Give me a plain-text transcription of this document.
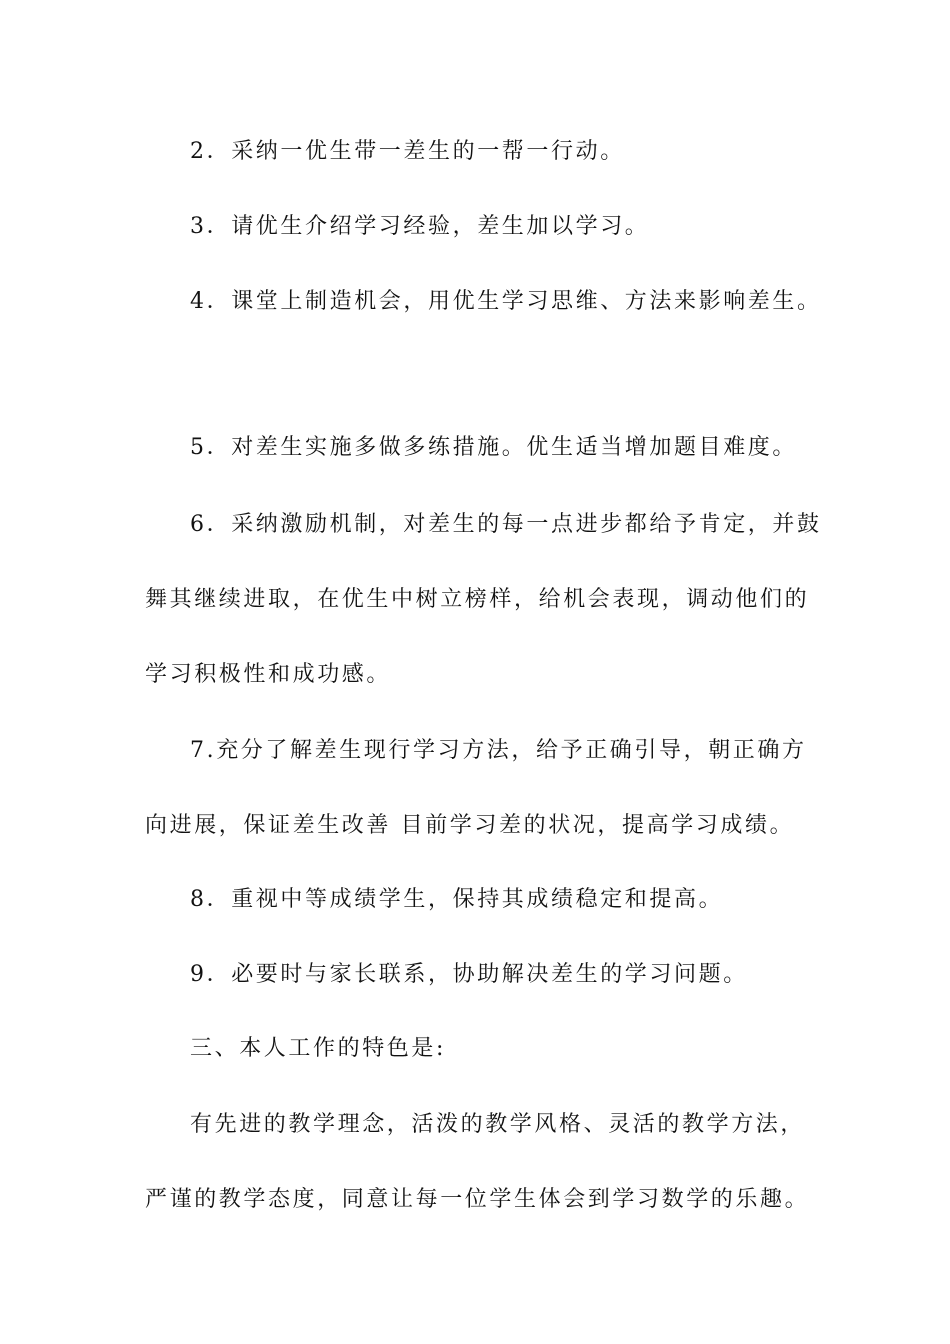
2．采纳一优生带一差生的一帮一行动。
3．请优生介绍学习经验，差生加以学习。
4．课堂上制造机会，用优生学习思维、方法来影响差生。
5．对差生实施多做多练措施。优生适当增加题目难度。
6．采纳激励机制，对差生的每一点进步都给予肯定，并鼓
舞其继续进取，在优生中树立榜样，给机会表现，调动他们的
学习积极性和成功感。
7.充分了解差生现行学习方法，给予正确引导，朝正确方
向进展，保证差生改善 目前学习差的状况，提高学习成绩。
8．重视中等成绩学生，保持其成绩稳定和提高。
9．必要时与家长联系，协助解决差生的学习问题。
三、本人工作的特色是:
有先进的教学理念，活泼的教学风格、灵活的教学方法，
严谨的教学态度，同意让每一位学生体会到学习数学的乐趣。
